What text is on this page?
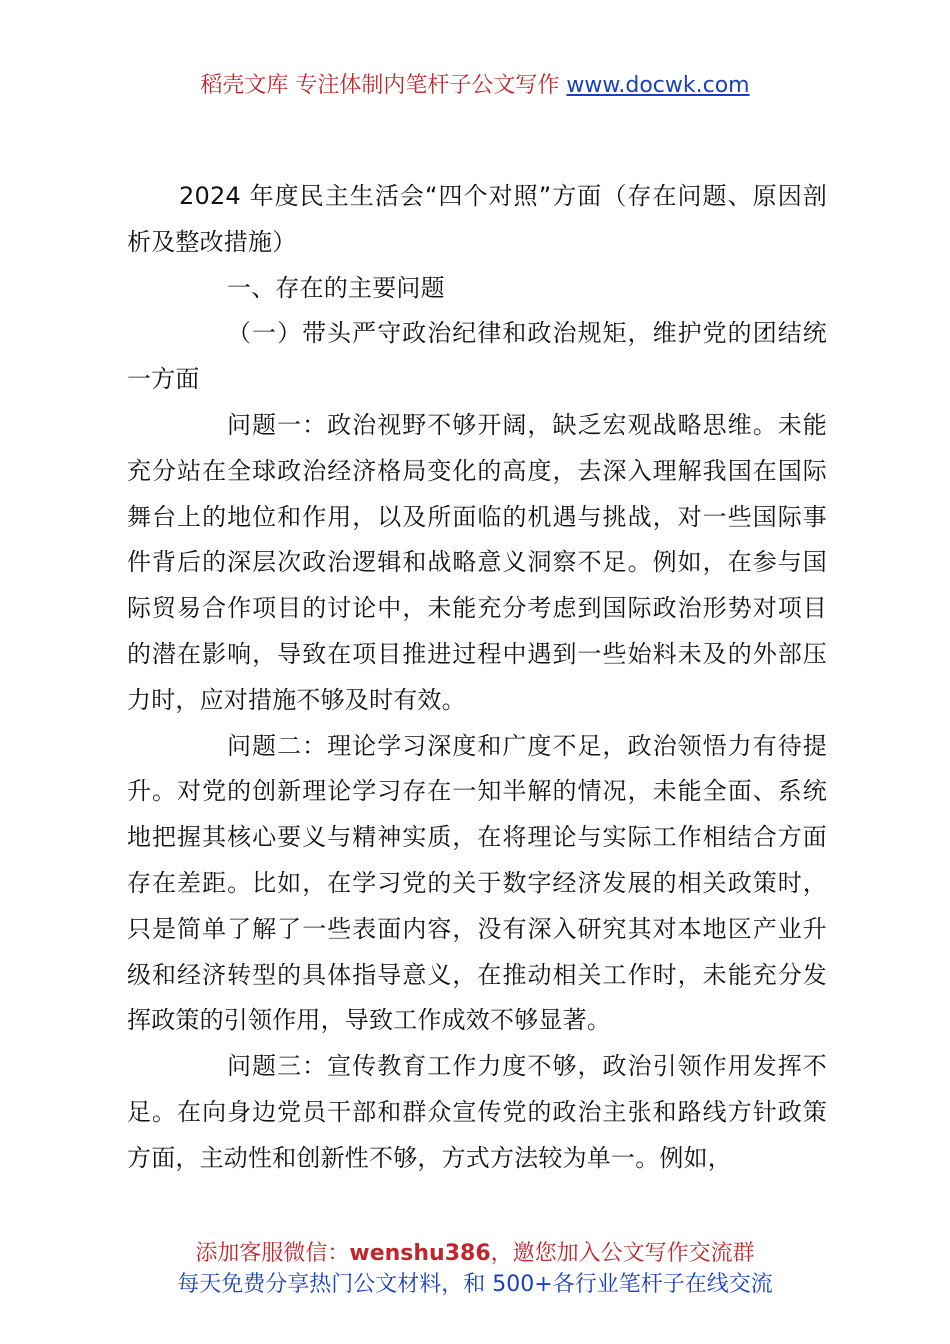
稻壳文库 专注体制内笔杆子公文写作 www.docwk.com

2024 年度民主生活会“四个对照”方面（存在问题、原因剖析及整改措施）

一、存在的主要问题

（一）带头严守政治纪律和政治规矩，维护党的团结统一方面

问题一：政治视野不够开阔，缺乏宏观战略思维。未能充分站在全球政治经济格局变化的高度，去深入理解我国在国际舞台上的地位和作用，以及所面临的机遇与挑战，对一些国际事件背后的深层次政治逻辑和战略意义洞察不足。例如，在参与国际贸易合作项目的讨论中，未能充分考虑到国际政治形势对项目的潜在影响，导致在项目推进过程中遇到一些始料未及的外部压力时，应对措施不够及时有效。

问题二：理论学习深度和广度不足，政治领悟力有待提升。对党的创新理论学习存在一知半解的情况，未能全面、系统地把握其核心要义与精神实质，在将理论与实际工作相结合方面存在差距。比如，在学习党的关于数字经济发展的相关政策时，只是简单了解了一些表面内容，没有深入研究其对本地区产业升级和经济转型的具体指导意义，在推动相关工作时，未能充分发挥政策的引领作用，导致工作成效不够显著。

问题三：宣传教育工作力度不够，政治引领作用发挥不足。在向身边党员干部和群众宣传党的政治主张和路线方针政策方面，主动性和创新性不够，方式方法较为单一。例如，

添加客服微信：wenshu386，邀您加入公文写作交流群
每天免费分享热门公文材料，和 500+各行业笔杆子在线交流
